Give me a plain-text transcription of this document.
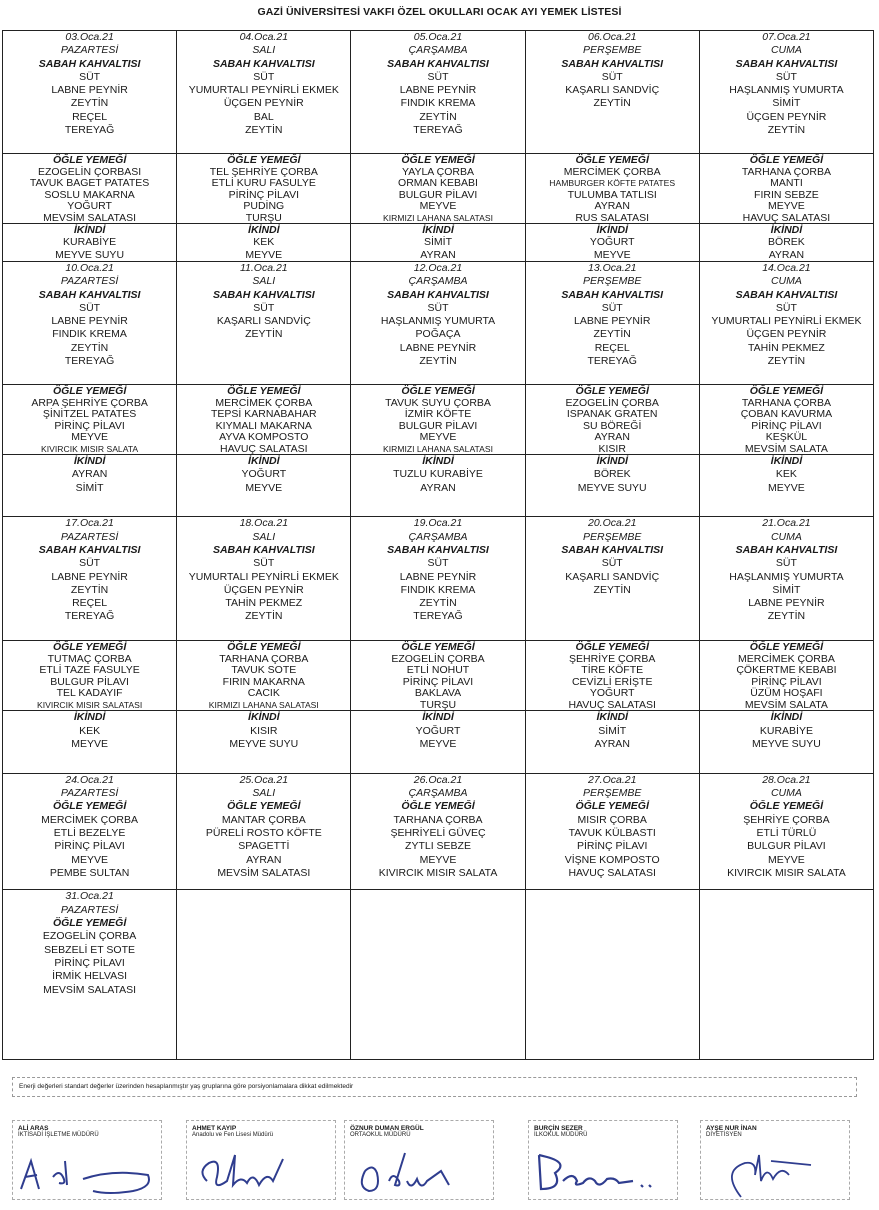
GAZİ ÜNİVERSİTESİ VAKFI ÖZEL OKULLARI OCAK AYI YEMEK LİSTESİ
03.Oca.21
PAZARTESİ
SABAH KAHVALTISI
SÜT
LABNE PEYNİR
ZEYTİN
REÇEL
TEREYAĞ
ÖĞLE YEMEĞİ
EZOGELİN ÇORBASI
TAVUK BAGET PATATES
SOSLU MAKARNA
YOĞURT
MEVSİM SALATASI
İKİNDİ
KURABİYE
MEYVE SUYU
04.Oca.21
SALI
SABAH KAHVALTISI
SÜT
YUMURTALI PEYNİRLİ EKMEK
ÜÇGEN PEYNİR
BAL
ZEYTİN
ÖĞLE YEMEĞİ
TEL ŞEHRİYE ÇORBA
ETLİ KURU FASULYE
PİRİNÇ PİLAVI
PUDİNG
TURŞU
İKİNDİ
KEK
MEYVE
05.Oca.21
ÇARŞAMBA
SABAH KAHVALTISI
SÜT
LABNE PEYNİR
FINDIK KREMA
ZEYTİN
TEREYAĞ
ÖĞLE YEMEĞİ
YAYLA ÇORBA
ORMAN KEBABI
BULGUR PİLAVI
MEYVE
KIRMIZI LAHANA SALATASI
İKİNDİ
SİMİT
AYRAN
06.Oca.21
PERŞEMBE
SABAH KAHVALTISI
SÜT
KAŞARLI SANDVİÇ
ZEYTİN
ÖĞLE YEMEĞİ
MERCİMEK ÇORBA
HAMBURGER KÖFTE PATATES
TULUMBA TATLISI
AYRAN
RUS SALATASI
İKİNDİ
YOĞURT
MEYVE
07.Oca.21
CUMA
SABAH KAHVALTISI
SÜT
HAŞLANMIŞ YUMURTA
SİMİT
ÜÇGEN PEYNİR
ZEYTİN
ÖĞLE YEMEĞİ
TARHANA ÇORBA
MANTI
FIRIN SEBZE
MEYVE
HAVUÇ SALATASI
İKİNDİ
BÖREK
AYRAN
10.Oca.21
PAZARTESİ
SABAH KAHVALTISI
SÜT
LABNE PEYNİR
FINDIK KREMA
ZEYTİN
TEREYAĞ
ÖĞLE YEMEĞİ
ARPA ŞEHRİYE ÇORBA
ŞİNİTZEL PATATES
PİRİNÇ PİLAVI
MEYVE
KIVIRCIK MISIR SALATA
İKİNDİ
AYRAN
SİMİT
11.Oca.21
SALI
SABAH KAHVALTISI
SÜT
KAŞARLI SANDVİÇ
ZEYTİN
ÖĞLE YEMEĞİ
MERCİMEK ÇORBA
TEPSİ KARNABAHAR
KIYMALI MAKARNA
AYVA KOMPOSTO
HAVUÇ SALATASI
İKİNDİ
YOĞURT
MEYVE
12.Oca.21
ÇARŞAMBA
SABAH KAHVALTISI
SÜT
HAŞLANMIŞ YUMURTA
POĞAÇA
LABNE PEYNİR
ZEYTİN
ÖĞLE YEMEĞİ
TAVUK SUYU ÇORBA
İZMİR KÖFTE
BULGUR PİLAVI
MEYVE
KIRMIZI LAHANA SALATASI
İKİNDİ
TUZLU KURABİYE
AYRAN
13.Oca.21
PERŞEMBE
SABAH KAHVALTISI
SÜT
LABNE PEYNİR
ZEYTİN
REÇEL
TEREYAĞ
ÖĞLE YEMEĞİ
EZOGELİN ÇORBA
ISPANAK GRATEN
SU BÖREĞİ
AYRAN
KISIR
İKİNDİ
BÖREK
MEYVE SUYU
14.Oca.21
CUMA
SABAH KAHVALTISI
SÜT
YUMURTALI PEYNİRLİ EKMEK
ÜÇGEN PEYNİR
TAHİN PEKMEZ
ZEYTİN
ÖĞLE YEMEĞİ
TARHANA ÇORBA
ÇOBAN KAVURMA
PİRİNÇ PİLAVI
KEŞKÜL
MEVSİM SALATA
İKİNDİ
KEK
MEYVE
17.Oca.21
PAZARTESİ
SABAH KAHVALTISI
SÜT
LABNE PEYNİR
ZEYTİN
REÇEL
TEREYAĞ
ÖĞLE YEMEĞİ
TUTMAÇ ÇORBA
ETLİ TAZE FASULYE
BULGUR PİLAVI
TEL KADAYIF
KIVIRCIK MISIR SALATASI
İKİNDİ
KEK
MEYVE
18.Oca.21
SALI
SABAH KAHVALTISI
SÜT
YUMURTALI PEYNİRLİ EKMEK
ÜÇGEN PEYNİR
TAHİN PEKMEZ
ZEYTİN
ÖĞLE YEMEĞİ
TARHANA ÇORBA
TAVUK SOTE
FIRIN MAKARNA
CACIK
KIRMIZI LAHANA SALATASI
İKİNDİ
KISIR
MEYVE SUYU
19.Oca.21
ÇARŞAMBA
SABAH KAHVALTISI
SÜT
LABNE PEYNİR
FINDIK KREMA
ZEYTİN
TEREYAĞ
ÖĞLE YEMEĞİ
EZOGELİN ÇORBA
ETLİ NOHUT
PİRİNÇ PİLAVI
BAKLAVA
TURŞU
İKİNDİ
YOĞURT
MEYVE
20.Oca.21
PERŞEMBE
SABAH KAHVALTISI
SÜT
KAŞARLI SANDVİÇ
ZEYTİN
ÖĞLE YEMEĞİ
ŞEHRİYE ÇORBA
TİRE KÖFTE
CEVİZLİ ERİŞTE
YOĞURT
HAVUÇ SALATASI
İKİNDİ
SİMİT
AYRAN
21.Oca.21
CUMA
SABAH KAHVALTISI
SÜT
HAŞLANMIŞ YUMURTA
SİMİT
LABNE PEYNİR
ZEYTİN
ÖĞLE YEMEĞİ
MERCİMEK ÇORBA
ÇÖKERTME KEBABI
PİRİNÇ PİLAVI
ÜZÜM HOŞAFI
MEVSİM SALATA
İKİNDİ
KURABİYE
MEYVE SUYU
24.Oca.21
PAZARTESİ
ÖĞLE YEMEĞİ
MERCİMEK ÇORBA
ETLİ BEZELYE
PİRİNÇ PİLAVI
MEYVE
PEMBE SULTAN
25.Oca.21
SALI
ÖĞLE YEMEĞİ
MANTAR ÇORBA
PÜRELİ ROSTO KÖFTE
SPAGETTİ
AYRAN
MEVSİM SALATASI
26.Oca.21
ÇARŞAMBA
ÖĞLE YEMEĞİ
TARHANA ÇORBA
ŞEHRİYELİ GÜVEÇ
ZYTLI SEBZE
MEYVE
KIVIRCIK MISIR SALATA
27.Oca.21
PERŞEMBE
ÖĞLE YEMEĞİ
MISIR ÇORBA
TAVUK KÜLBASTI
PİRİNÇ PİLAVI
VİŞNE KOMPOSTO
HAVUÇ SALATASI
28.Oca.21
CUMA
ÖĞLE YEMEĞİ
ŞEHRİYE ÇORBA
ETLİ TÜRLÜ
BULGUR PİLAVI
MEYVE
KIVIRCIK MISIR SALATA
31.Oca.21
PAZARTESİ
ÖĞLE YEMEĞİ
EZOGELİN ÇORBA
SEBZELİ ET SOTE
PİRİNÇ PİLAVI
İRMİK HELVASI
MEVSİM SALATASI
Enerji değerleri standart değerler üzerinden hesaplanmıştır yaş gruplarına göre porsiyonlamalara dikkat edilmektedir
ALİ ARAS
İKTİSADİ İŞLETME MÜDÜRÜ
AHMET KAYIP
Anadolu ve Fen Lisesi Müdürü
ÖZNUR DUMAN ERGÜL
ORTAOKUL MÜDÜRÜ
BURÇİN SEZER
İLKOKUL MÜDÜRÜ
AYŞE NUR İNAN
DİYETİSYEN
